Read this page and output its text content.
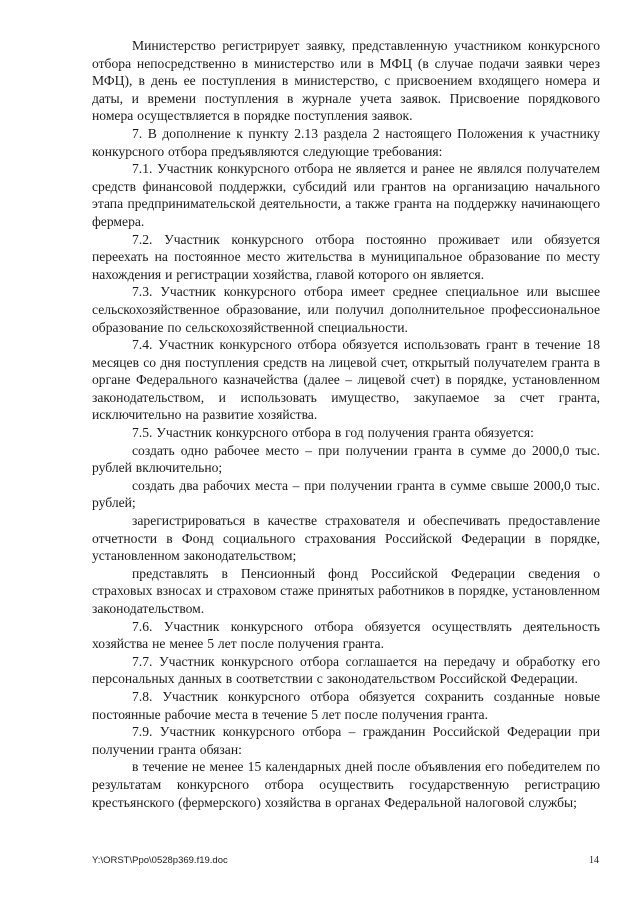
Министерство регистрирует заявку, представленную участником конкурсного отбора непосредственно в министерство или в МФЦ (в случае подачи заявки через МФЦ), в день ее поступления в министерство, с присвоением входящего номера и даты, и времени поступления в журнале учета заявок. Присвоение порядкового номера осуществляется в порядке поступления заявок.

7. В дополнение к пункту 2.13 раздела 2 настоящего Положения к участнику конкурсного отбора предъявляются следующие требования:

7.1. Участник конкурсного отбора не является и ранее не являлся получателем средств финансовой поддержки, субсидий или грантов на организацию начального этапа предпринимательской деятельности, а также гранта на поддержку начинающего фермера.

7.2. Участник конкурсного отбора постоянно проживает или обязуется переехать на постоянное место жительства в муниципальное образование по месту нахождения и регистрации хозяйства, главой которого он является.

7.3. Участник конкурсного отбора имеет среднее специальное или высшее сельскохозяйственное образование, или получил дополнительное профессиональное образование по сельскохозяйственной специальности.

7.4. Участник конкурсного отбора обязуется использовать грант в течение 18 месяцев со дня поступления средств на лицевой счет, открытый получателем гранта в органе Федерального казначейства (далее – лицевой счет) в порядке, установленном законодательством, и использовать имущество, закупаемое за счет гранта, исключительно на развитие хозяйства.

7.5. Участник конкурсного отбора в год получения гранта обязуется:

создать одно рабочее место – при получении гранта в сумме до 2000,0 тыс. рублей включительно;

создать два рабочих места – при получении гранта в сумме свыше 2000,0 тыс. рублей;

зарегистрироваться в качестве страхователя и обеспечивать предоставление отчетности в Фонд социального страхования Российской Федерации в порядке, установленном законодательством;

представлять в Пенсионный фонд Российской Федерации сведения о страховых взносах и страховом стаже принятых работников в порядке, установленном законодательством.

7.6. Участник конкурсного отбора обязуется осуществлять деятельность хозяйства не менее 5 лет после получения гранта.

7.7. Участник конкурсного отбора соглашается на передачу и обработку его персональных данных в соответствии с законодательством Российской Федерации.

7.8. Участник конкурсного отбора обязуется сохранить созданные новые постоянные рабочие места в течение 5 лет после получения гранта.

7.9. Участник конкурсного отбора – гражданин Российской Федерации при получении гранта обязан:

в течение не менее 15 календарных дней после объявления его победителем по результатам конкурсного отбора осуществить государственную регистрацию крестьянского (фермерского) хозяйства в органах Федеральной налоговой службы;

Y:\ORST\Ppo\0528p369.f19.doc	14
